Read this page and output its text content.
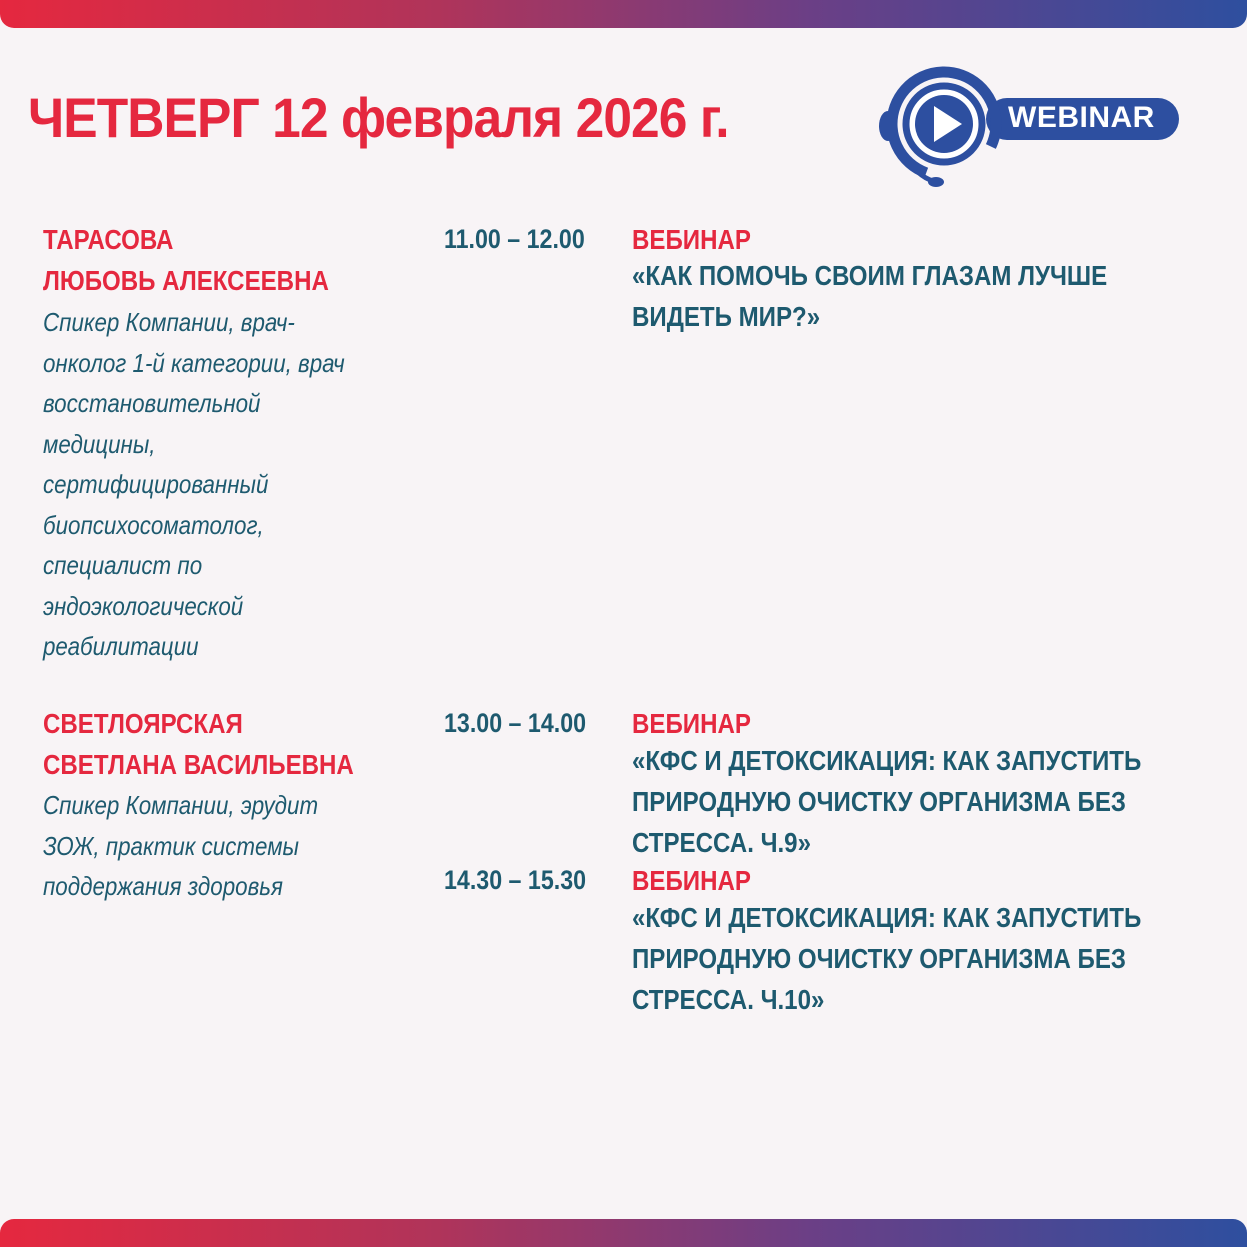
ЧЕТВЕРГ 12 февраля 2026 г.	WEBINAR
ТАРАСОВА
ЛЮБОВЬ АЛЕКСЕЕВНА
Спикер Компании, врач-
онколог 1-й категории, врач
восстановительной
медицины,
сертифицированный
биопсихосоматолог,
специалист по
эндоэкологической
реабилитации
11.00 – 12.00 ВЕБИНАР
«КАК ПОМОЧЬ СВОИМ ГЛАЗАМ ЛУЧШЕ
ВИДЕТЬ МИР?»
СВЕТЛОЯРСКАЯ
СВЕТЛАНА ВАСИЛЬЕВНА
Спикер Компании, эрудит
ЗОЖ, практик системы
поддержания здоровья
13.00 – 14.00 ВЕБИНАР
«КФС И ДЕТОКСИКАЦИЯ: КАК ЗАПУСТИТЬ
ПРИРОДНУЮ ОЧИСТКУ ОРГАНИЗМА БЕЗ
СТРЕССА. Ч.9»
14.30 – 15.30 ВЕБИНАР
«КФС И ДЕТОКСИКАЦИЯ: КАК ЗАПУСТИТЬ
ПРИРОДНУЮ ОЧИСТКУ ОРГАНИЗМА БЕЗ
СТРЕССА. Ч.10»
